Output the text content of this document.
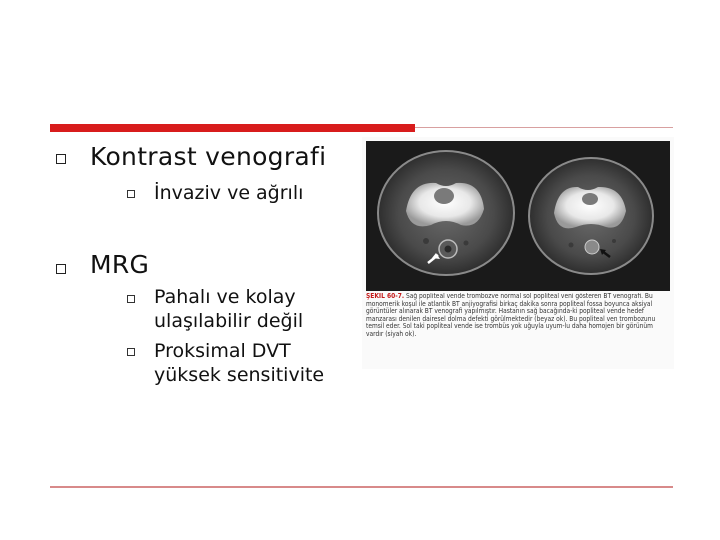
Kontrast venografi
İnvaziv ve ağrılı
MRG
Pahalı ve kolay
ulaşılabilir değil
Proksimal DVT
yüksek sensitivite
ŞEKİL 60-7. Sağ popliteal vende trombozve normal sol popliteal veni gösteren BT venografi. Bu monomerik koşul ile atlantik BT anjiyografisi birkaç dakika sonra popliteal fossa boyunca aksiyal görüntüler alınarak BT venografi yapılmıştır. Hastanın sağ bacağında-ki popliteal vende hedef manzarası denilen dairesel dolma defekti görülmektedir (beyaz ok). Bu popliteal ven trombozunu temsil eder. Sol taki popliteal vende ise trombüs yok uğuyla uyum-lu daha homojen bir görünüm vardır (siyah ok).
